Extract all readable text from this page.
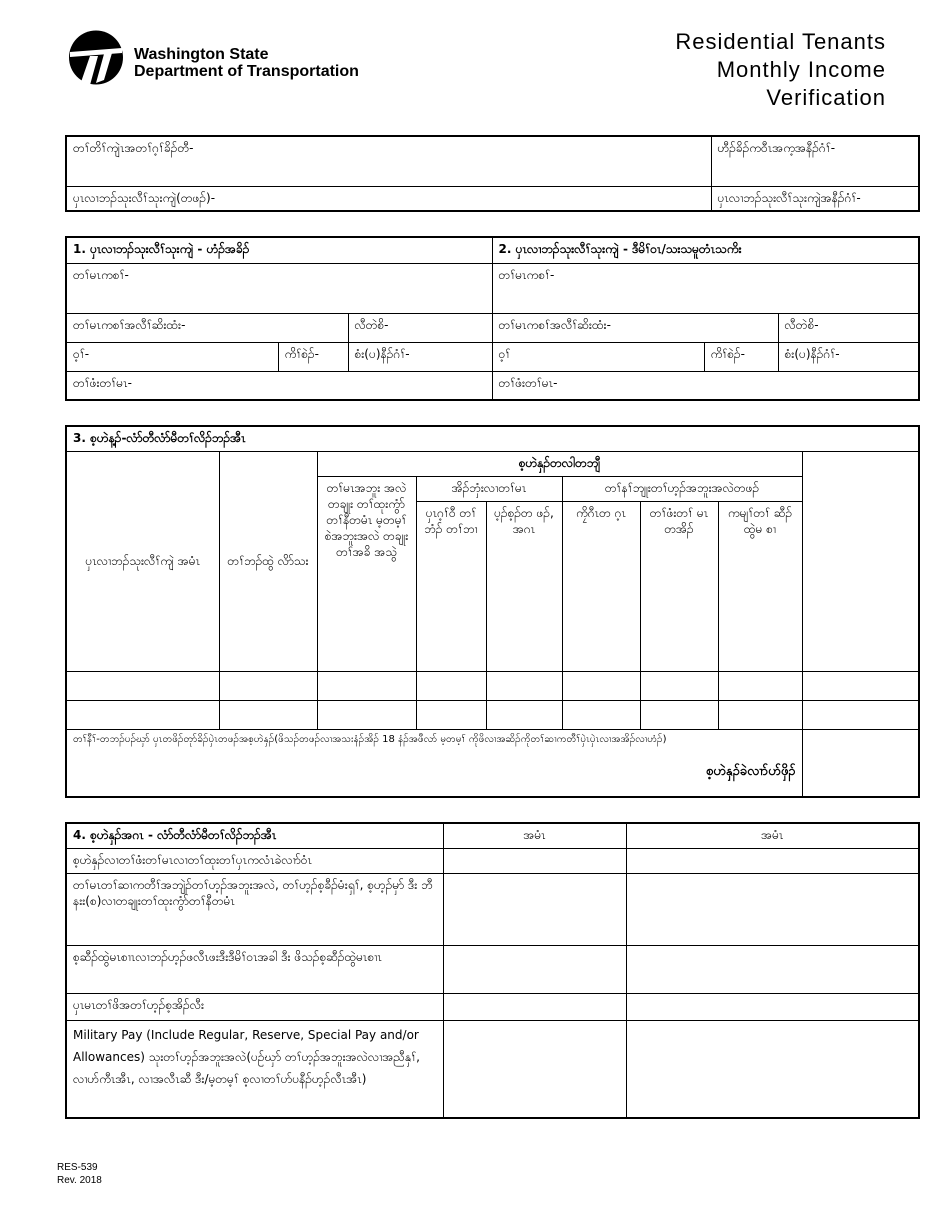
Washington State
Department of Transportation
Residential Tenants
Monthly Income
Verification
တၢ်တိၢ်ကျဲၤအတၢ်ဂ့ၢ်ခိၣ်တီ-	ဟီၣ်ခိၣ်ကဝီၤအက့အနီၣ်ဂံၢ်-
ပှၤလၢဘၣ်သုးလီၢ်သုးကျဲ(တဖၣ်)-	ပှၤလၢဘၣ်သုးလီၢ်သုးကျဲအနီၣ်ဂံၢ်-
1. ပှၤလၢဘၣ်သုးလီၢ်သုးကျဲ - ဟံၣ်အခိၣ်			2. ပှၤလၢဘၣ်သုးလီၢ်သုးကျဲ - ဒီမိၢ်ဝၤ/သးသမူတံၤသကိး		
တၢ်မၤကစၢ်-			တၢ်မၤကစၢ်-		
တၢ်မၤကစၢ်အလီၢ်ဆိးထံး-		လီတဲစိ-	တၢ်မၤကစၢ်အလီၢ်ဆိးထံး-		လီတဲစိ-
ဝ့ၢ်-	ကိၢ်စဲၣ်-	စံး(ပ)နီၣ်ဂံၢ်-	ဝ့ၢ်	ကိၢ်စဲၣ်-	စံး(ပ)နီၣ်ဂံၢ်-
တၢ်ဖံးတၢ်မၤ-			တၢ်ဖံးတၢ်မၤ-		
3. စ့ဟဲန့ၣ်-လံာ်တီလံာ်မီတၢ်လိၣ်ဘၣ်အီၤ								
ပှၤလၢဘၣ်သုးလီၢ်ကျဲ အမံၤ	တၢ်ဘၣ်ထွဲ လိာ်သး	စ့ဟဲနှၣ်တလါတဘျီ						
		တၢ်မၤအဘူး အလဲတချုး တၢ်ထုးကွံာ် တၢ်နီတမံၤ မ့တမ့ၢ် စဲအဘူးအလဲ တချုးတၢ်အခိ အသွဲ	အိၣ်ဘှံးလၢတၢ်မၤ		တၢ်နၢ်ဘျုးတၢ်ဟ့ၣ်အဘူးအလဲတဖၣ်			
			ပှၤဂ့ၢ်ဝီ တၢ်ဘံၣ် တၢ်ဘၢ	ပ့ၣ်စ့ၣ်တ ဖၣ်, အဂၤ	ကၠိဂီၤတ ဂ့ၤ	တၢ်ဖံးတၢ် မၤတအိၣ်	ကမျၢ်တၢ် ဆီၣ်ထွဲမ စၢ	

တၢ်နီၢ်-တဘၣ်ပၣ်ဃှာ် ပှၤတဖိၣ်တုာ်ခိၣ်ပှဲၤတဖၣ်အစ့ဟဲနှၣ်(ဖိသၣ်တဖၣ်လၢအသးနံၣ်အိၣ် 18 နံၣ်အဖီလာ် မ့တမ့ၢ် ကိုဖိလၢအဆိၣ်ကိုတၢ်ဆၢကတီၢ်ပှဲၤပှဲၤလၢအအိၣ်လၢဟံၣ်)
စ့ဟဲနှၣ်ခဲလၢာ်ဟ်ဖှိၣ်								

4. စ့ဟဲနှၣ်အဂၤ - လံာ်တီလံာ်မီတၢ်လိၣ်ဘၣ်အီၤ	အမံၤ	အမံၤ
စ့ဟဲနှၣ်လၢတၢ်ဖံးတၢ်မၤလၢတၢ်ထုးတၢ်ပှၤကလံၤခဲလၢာ်ဝံၤ		
တၢ်မၤတၢ်ဆၢကတီၢ်အဘျဲၣ်တၢ်ဟ့ၣ်အဘူးအလဲ, တၢ်ဟ့ၣ်စ့ခီၣ်မံးရှၢ်, စ့ဟ့ၣ်မှာ် ဒီး ဘီနးး(စ)လၢတချုးတၢ်ထုးကွံာ်တၢ်နီတမံၤ		
စ့ဆီၣ်ထွဲမၤစၢၤလၢဘၣ်ဟ့ၣ်ဖလီၤဖးဒီးဒီမိၢ်ဝၤအခါ ဒီး ဖိသၣ်စ့ဆီၣ်ထွဲမၤစၢၤ		
ပှၤမၤတၢ်ဖိအတၢ်ဟ့ၣ်စ့အိၣ်လီး		
Military Pay (Include Regular, Reserve, Special Pay and/or Allowances) သုးတၢ်ဟ့ၣ်အဘူးအလဲ(ပဉ်ဃှာ် တၢ်ဟ့ၣ်အဘူးအလဲလၢအညီနှၢ်, လၢဟ်ကီၤအီၤ, လၢအလီၤဆီ ဒီး/မ့တမ့ၢ် စ့လၢတၢ်ပာ်ပနီၣ်ဟ့ၣ်လီၤအီၤ)		
RES-539
Rev. 2018
